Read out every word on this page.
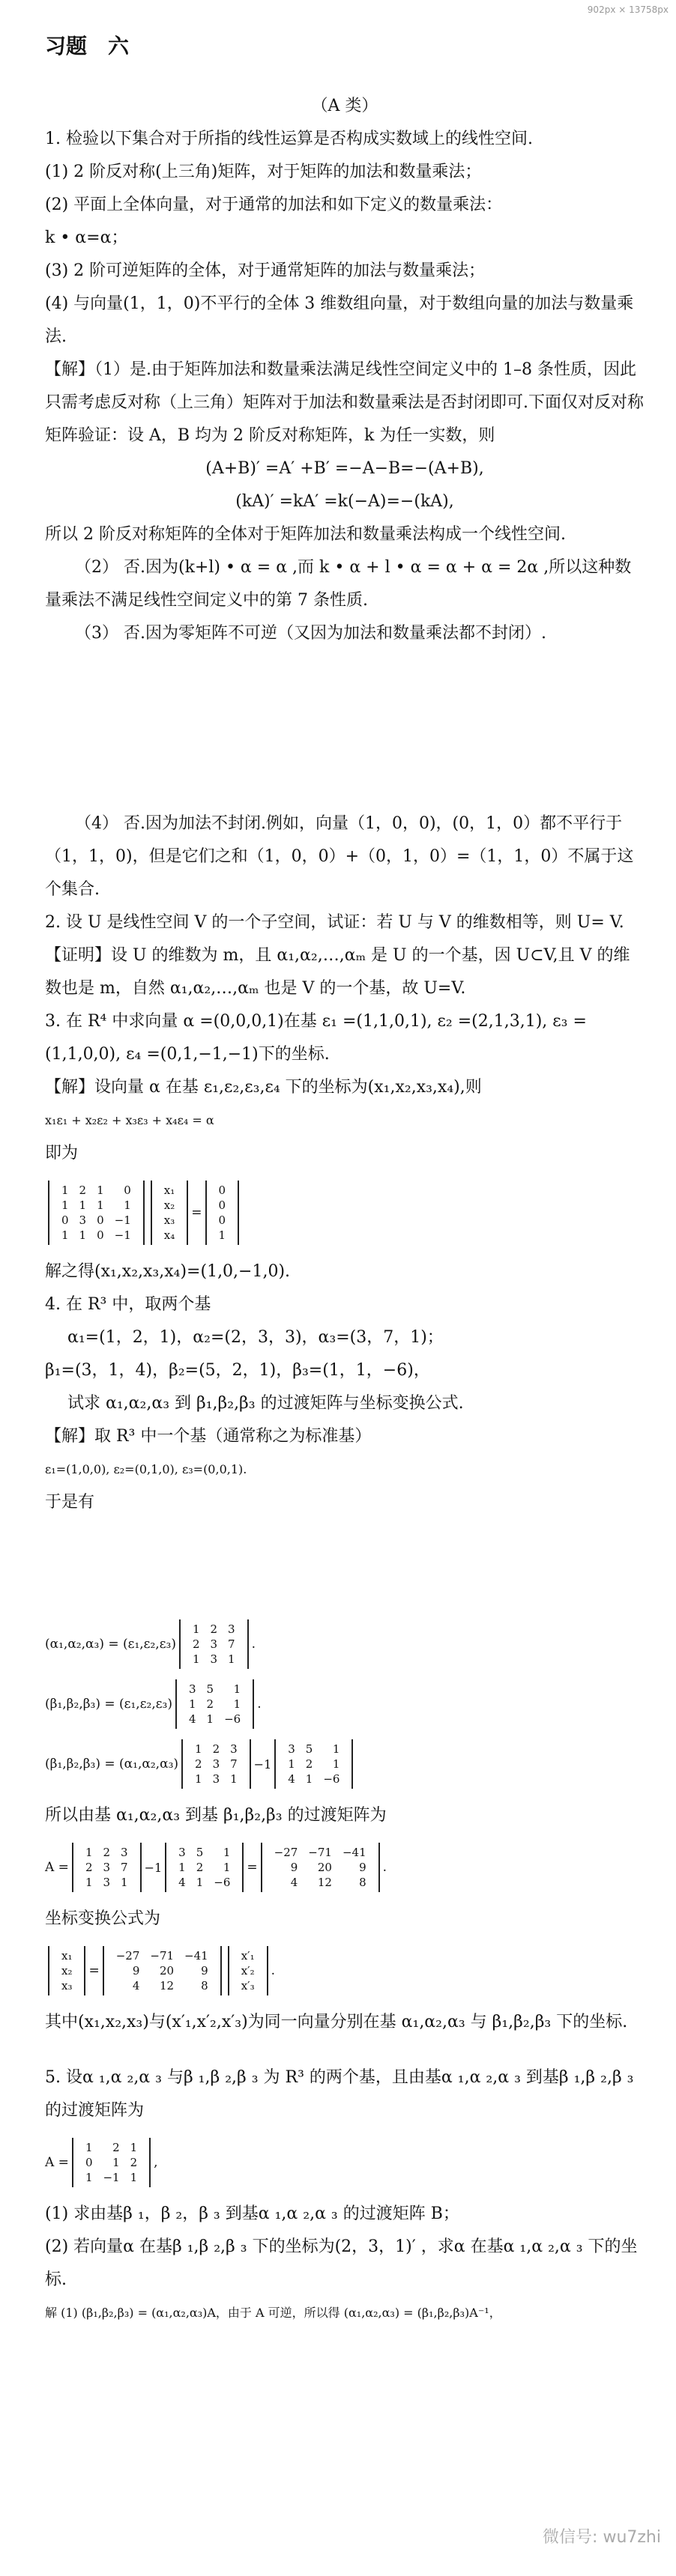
902px × 13758px
习题　六

（A 类）

1. 检验以下集合对于所指的线性运算是否构成实数域上的线性空间.

(1) 2 阶反对称(上三角)矩阵，对于矩阵的加法和数量乘法；

(2) 平面上全体向量，对于通常的加法和如下定义的数量乘法：

k • α=α；

(3) 2 阶可逆矩阵的全体，对于通常矩阵的加法与数量乘法；

(4) 与向量(1，1，0)不平行的全体 3 维数组向量，对于数组向量的加法与数量乘法.

【解】（1）是.由于矩阵加法和数量乘法满足线性空间定义中的 1–8 条性质，因此只需考虑反对称（上三角）矩阵对于加法和数量乘法是否封闭即可.下面仅对反对称矩阵验证：设 A，B 均为 2 阶反对称矩阵，k 为任一实数，则

(A+B)′ =A′ +B′ =−A−B=−(A+B),

(kA)′ =kA′ =k(−A)=−(kA),

所以 2 阶反对称矩阵的全体对于矩阵加法和数量乘法构成一个线性空间.

（2） 否.因为(k+l) • α = α ,而 k • α + l • α = α + α = 2α ,所以这种数量乘法不满足线性空间定义中的第 7 条性质.

（3） 否.因为零矩阵不可逆（又因为加法和数量乘法都不封闭）.

（4） 否.因为加法不封闭.例如，向量（1，0，0)，(0，1，0）都不平行于（1，1，0)，但是它们之和（1，0，0）+（0，1，0）=（1，1，0）不属于这个集合.

2. 设 U 是线性空间 V 的一个子空间，试证：若 U 与 V 的维数相等，则 U= V.

【证明】设 U 的维数为 m，且 α₁,α₂,…,αₘ 是 U 的一个基，因 U⊂V,且 V 的维数也是 m，自然 α₁,α₂,…,αₘ 也是 V 的一个基，故 U=V.

3. 在 R⁴ 中求向量 α =(0,0,0,1)在基 ε₁ =(1,1,0,1), ε₂ =(2,1,3,1), ε₃ =(1,1,0,0), ε₄ =(0,1,−1,−1)下的坐标.

【解】设向量 α 在基 ε₁,ε₂,ε₃,ε₄ 下的坐标为(x₁,x₂,x₃,x₄),则

x₁ε₁ + x₂ε₂ + x₃ε₃ + x₄ε₄ = α

即为

1	2	1	0
1	1	1	1
0	3	0	−1
1	1	0	−1
x₁
x₂
x₃
x₄
=
0
0
0
1

解之得(x₁,x₂,x₃,x₄)=(1,0,−1,0).

4. 在 R³ 中，取两个基

α₁=(1，2，1)，α₂=(2，3，3)，α₃=(3，7，1)；

β₁=(3，1，4)，β₂=(5，2，1)，β₃=(1，1，−6)，

试求 α₁,α₂,α₃ 到 β₁,β₂,β₃ 的过渡矩阵与坐标变换公式.

【解】取 R³ 中一个基（通常称之为标准基）

ε₁=(1,0,0), ε₂=(0,1,0), ε₃=(0,0,1).

于是有

(α₁,α₂,α₃) = (ε₁,ε₂,ε₃)
1	2	3
2	3	7
1	3	1
.
(β₁,β₂,β₃) = (ε₁,ε₂,ε₃)
3	5	1
1	2	1
4	1	−6
.
(β₁,β₂,β₃) = (α₁,α₂,α₃)
1	2	3
2	3	7
1	3	1
−1
3	5	1
1	2	1
4	1	−6

所以由基 α₁,α₂,α₃ 到基 β₁,β₂,β₃ 的过渡矩阵为

A =
1	2	3
2	3	7
1	3	1
−1
3	5	1
1	2	1
4	1	−6
=
−27	−71	−41
9	20	9
4	12	8
.

坐标变换公式为

x₁
x₂
x₃
=
−27	−71	−41
9	20	9
4	12	8
x′₁
x′₂
x′₃
.

其中(x₁,x₂,x₃)与(x′₁,x′₂,x′₃)为同一向量分别在基 α₁,α₂,α₃ 与 β₁,β₂,β₃ 下的坐标.

5. 设α ₁,α ₂,α ₃ 与β ₁,β ₂,β ₃ 为 R³ 的两个基，且由基α ₁,α ₂,α ₃ 到基β ₁,β ₂,β ₃ 的过渡矩阵为

A =
1	2	1
0	1	2
1	−1	1
,

(1) 求由基β ₁，β ₂，β ₃ 到基α ₁,α ₂,α ₃ 的过渡矩阵 B；

(2) 若向量α 在基β ₁,β ₂,β ₃ 下的坐标为(2，3，1)′ ，求α 在基α ₁,α ₂,α ₃ 下的坐标.

解 (1) (β₁,β₂,β₃) = (α₁,α₂,α₃)A，由于 A 可逆，所以得 (α₁,α₂,α₃) = (β₁,β₂,β₃)A⁻¹，

微信号: wu7zhi
